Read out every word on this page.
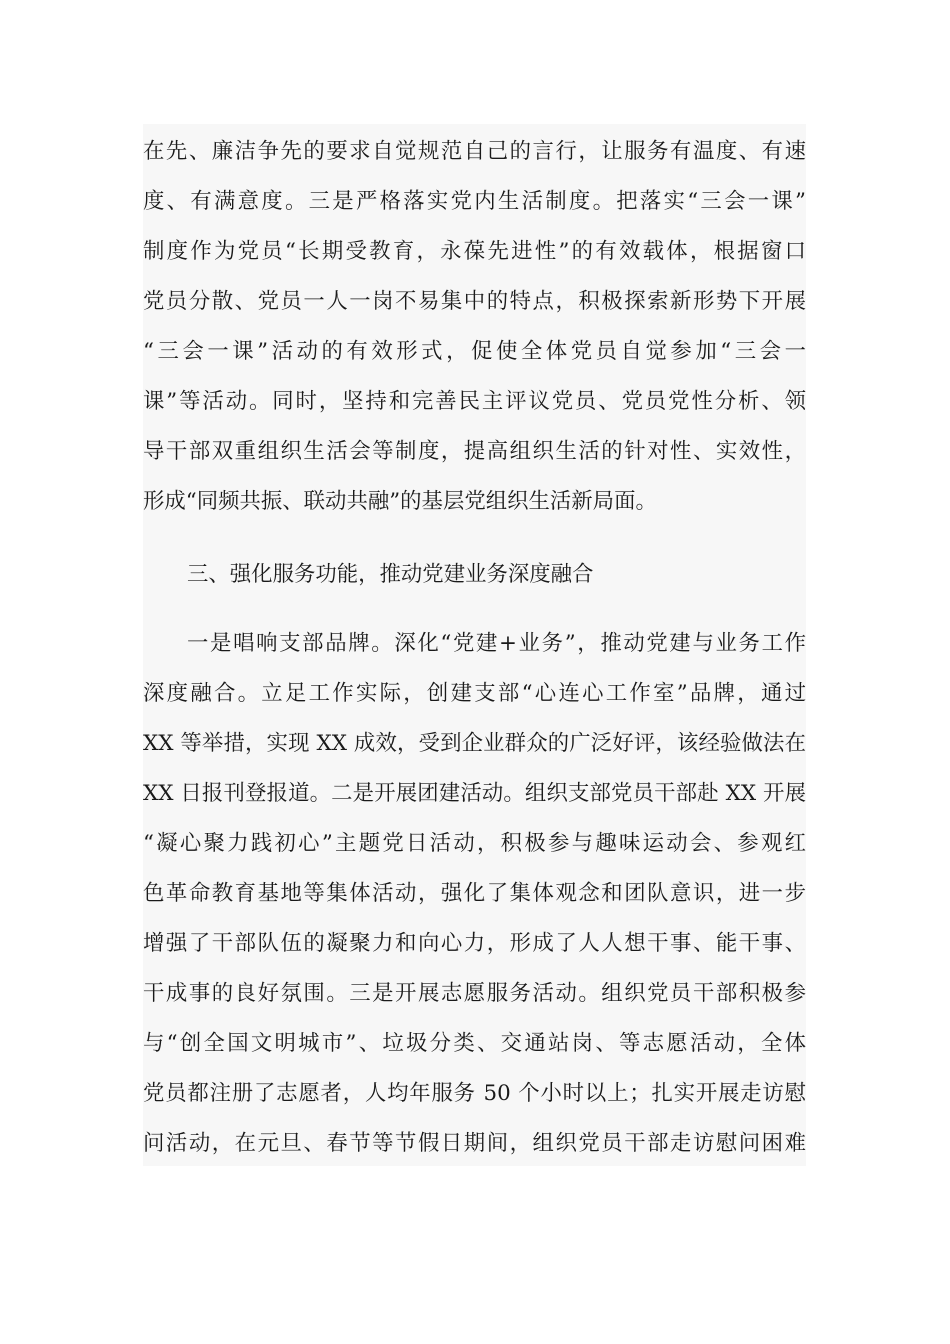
在先、廉洁争先的要求自觉规范自己的言行，让服务有温度、有速
度、有满意度。三是严格落实党内生活制度。把落实“三会一课”
制度作为党员“长期受教育，永葆先进性”的有效载体，根据窗口
党员分散、党员一人一岗不易集中的特点，积极探索新形势下开展
“三会一课”活动的有效形式，促使全体党员自觉参加“三会一
课”等活动。同时，坚持和完善民主评议党员、党员党性分析、领
导干部双重组织生活会等制度，提高组织生活的针对性、实效性，
形成“同频共振、联动共融”的基层党组织生活新局面。
三、强化服务功能，推动党建业务深度融合
一是唱响支部品牌。深化“党建+业务”，推动党建与业务工作
深度融合。立足工作实际，创建支部“心连心工作室”品牌，通过
XX 等举措，实现 XX 成效，受到企业群众的广泛好评，该经验做法在
XX 日报刊登报道。二是开展团建活动。组织支部党员干部赴 XX 开展
“凝心聚力践初心”主题党日活动，积极参与趣味运动会、参观红
色革命教育基地等集体活动，强化了集体观念和团队意识，进一步
增强了干部队伍的凝聚力和向心力，形成了人人想干事、能干事、
干成事的良好氛围。三是开展志愿服务活动。组织党员干部积极参
与“创全国文明城市”、垃圾分类、交通站岗、等志愿活动，全体
党员都注册了志愿者，人均年服务 50 个小时以上；扎实开展走访慰
问活动，在元旦、春节等节假日期间，组织党员干部走访慰问困难
